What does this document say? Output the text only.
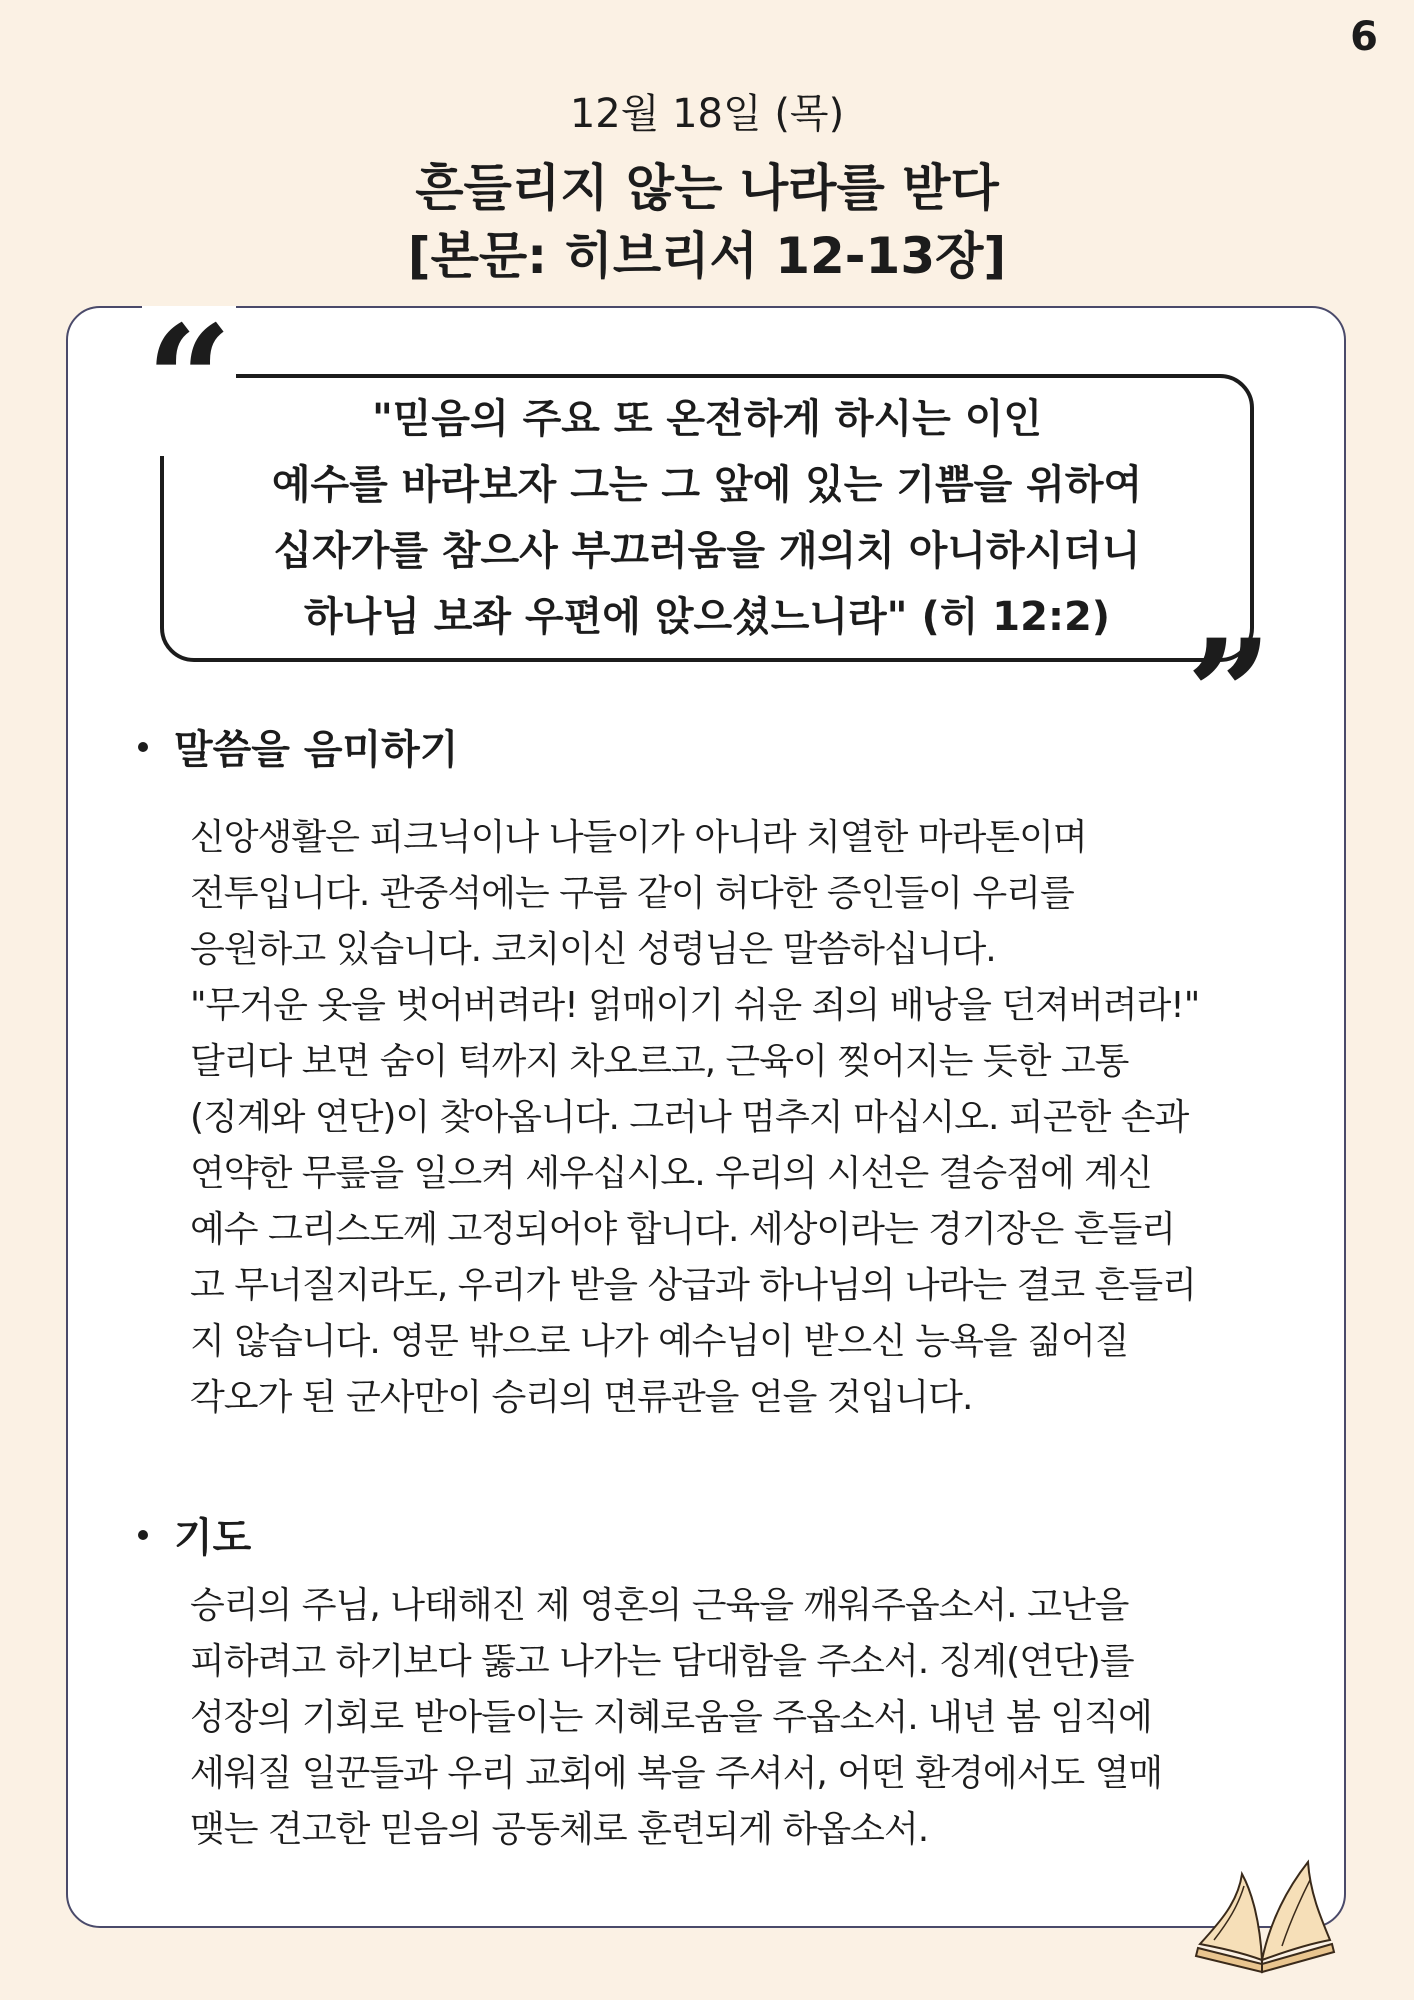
6
12월 18일 (목)
흔들리지 않는 나라를 받다
[본문: 히브리서 12-13장]
"믿음의 주요 또 온전하게 하시는 이인
예수를 바라보자 그는 그 앞에 있는 기쁨을 위하여
십자가를 참으사 부끄러움을 개의치 아니하시더니
하나님 보좌 우편에 앉으셨느니라" (히 12:2)
“
”
말씀을 음미하기
신앙생활은 피크닉이나 나들이가 아니라 치열한 마라톤이며
전투입니다. 관중석에는 구름 같이 허다한 증인들이 우리를
응원하고 있습니다. 코치이신 성령님은 말씀하십니다.
"무거운 옷을 벗어버려라! 얽매이기 쉬운 죄의 배낭을 던져버려라!"
달리다 보면 숨이 턱까지 차오르고, 근육이 찢어지는 듯한 고통
(징계와 연단)이 찾아옵니다. 그러나 멈추지 마십시오. 피곤한 손과
연약한 무릎을 일으켜 세우십시오. 우리의 시선은 결승점에 계신
예수 그리스도께 고정되어야 합니다. 세상이라는 경기장은 흔들리
고 무너질지라도, 우리가 받을 상급과 하나님의 나라는 결코 흔들리
지 않습니다. 영문 밖으로 나가 예수님이 받으신 능욕을 짊어질
각오가 된 군사만이 승리의 면류관을 얻을 것입니다.
기도
승리의 주님, 나태해진 제 영혼의 근육을 깨워주옵소서. 고난을
피하려고 하기보다 뚫고 나가는 담대함을 주소서. 징계(연단)를
성장의 기회로 받아들이는 지혜로움을 주옵소서. 내년 봄 임직에
세워질 일꾼들과 우리 교회에 복을 주셔서, 어떤 환경에서도 열매
맺는 견고한 믿음의 공동체로 훈련되게 하옵소서.
